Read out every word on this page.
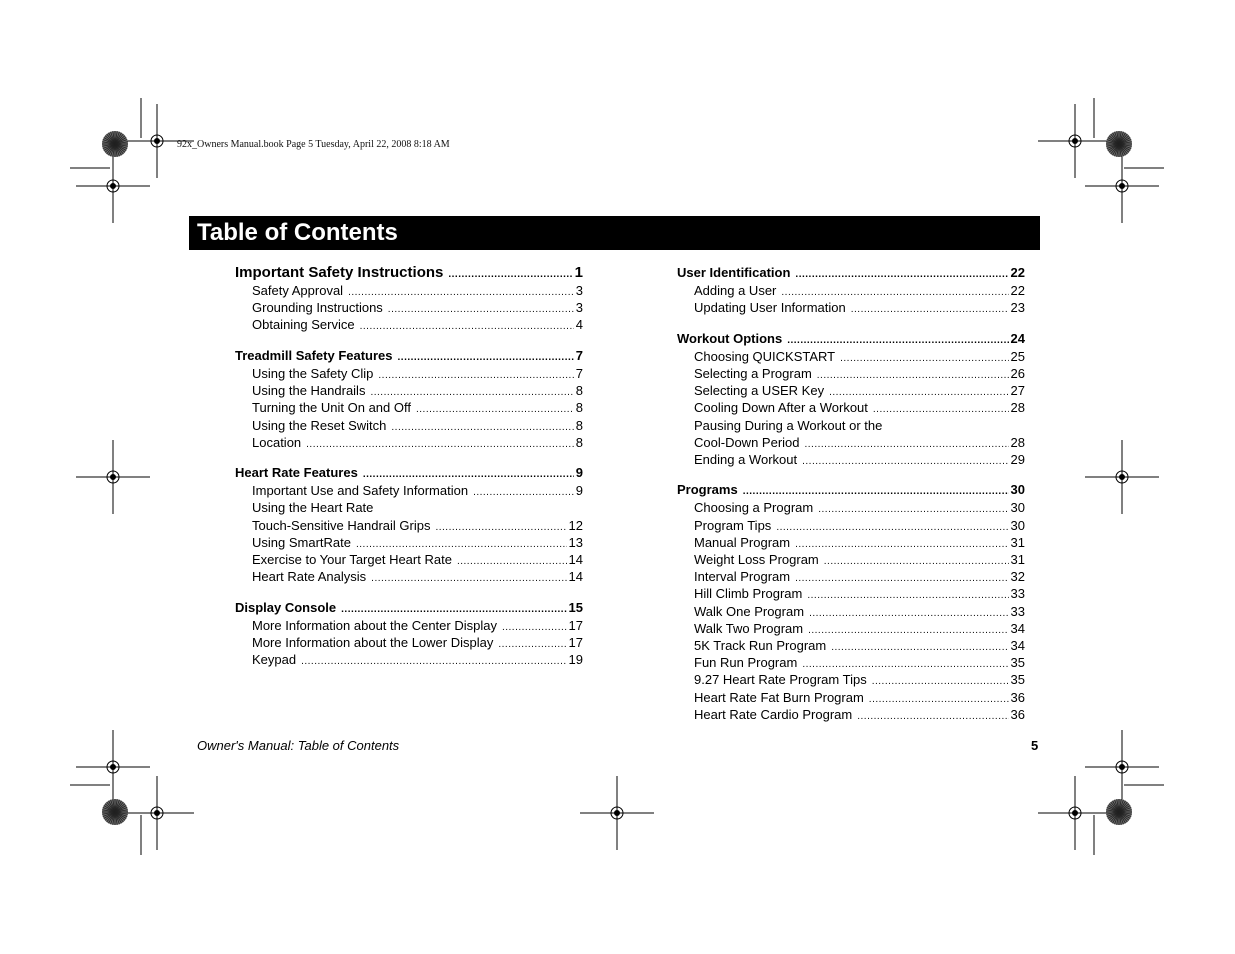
92x_Owners Manual.book Page 5 Tuesday, April 22, 2008 8:18 AM
Table of Contents
Important Safety Instructions .....	1
Safety Approval .....	3
Grounding Instructions .....	3
Obtaining Service .....	4
Treadmill Safety Features .....	7
Using the Safety Clip .....	7
Using the Handrails .....	8
Turning the Unit On and Off .....	8
Using the Reset Switch .....	8
Location .....	8
Heart Rate Features .....	9
Important Use and Safety Information .....	9
Using the Heart Rate
Touch-Sensitive Handrail Grips .....	12
Using SmartRate .....	13
Exercise to Your Target Heart Rate .....	14
Heart Rate Analysis .....	14
Display Console .....	15
More Information about the Center Display .....	17
More Information about the Lower Display .....	17
Keypad .....	19
User Identification .....	22
Adding a User .....	22
Updating User Information .....	23
Workout Options .....	24
Choosing QUICKSTART .....	25
Selecting a Program .....	26
Selecting a USER Key .....	27
Cooling Down After a Workout .....	28
Pausing During a Workout or the
Cool-Down Period .....	28
Ending a Workout .....	29
Programs .....	30
Choosing a Program .....	30
Program Tips .....	30
Manual Program .....	31
Weight Loss Program .....	31
Interval Program .....	32
Hill Climb Program .....	33
Walk One Program .....	33
Walk Two Program .....	34
5K Track Run Program .....	34
Fun Run Program .....	35
9.27 Heart Rate Program Tips .....	35
Heart Rate Fat Burn Program .....	36
Heart Rate Cardio Program .....	36
Owner's Manual: Table of Contents	5
